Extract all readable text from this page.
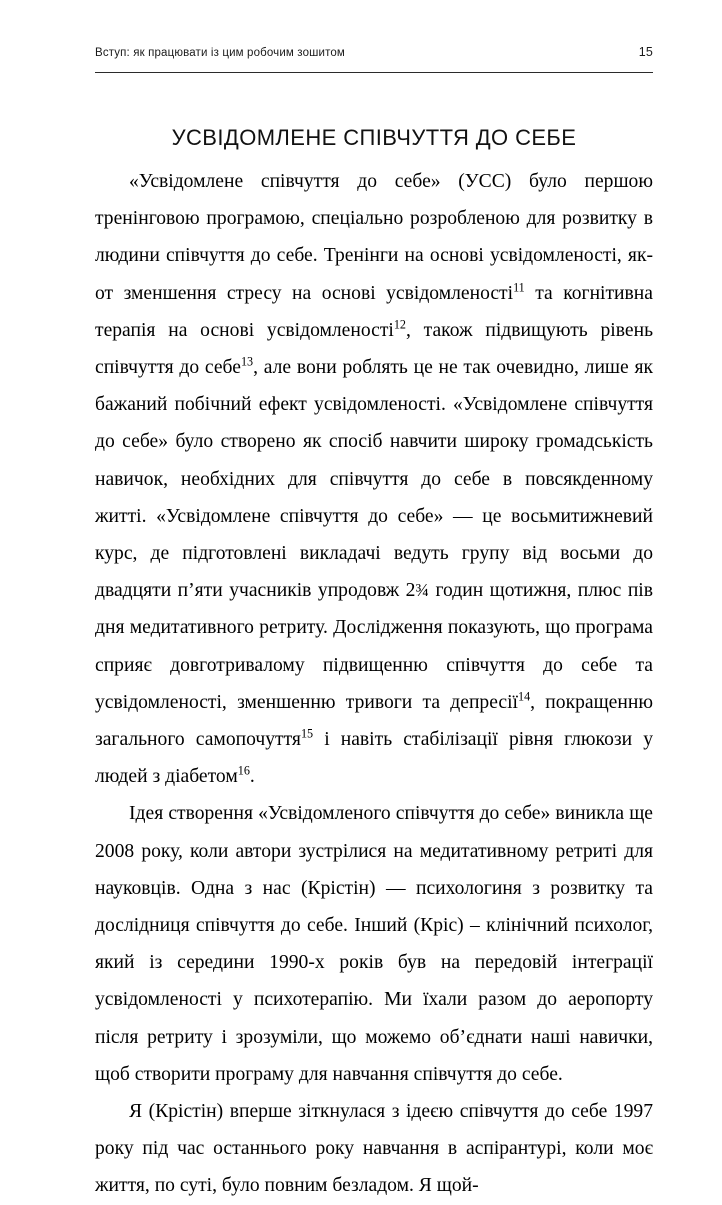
Вступ: як працювати із цим робочим зошитом	15
УСВІДОМЛЕНЕ СПІВЧУТТЯ ДО СЕБЕ

«Усвідомлене співчуття до себе» (УСС) було першою тренінговою програмою, спеціально розробленою для розвитку в людини співчуття до себе. Тренінги на основі усвідомленості, як-от зменшення стресу на основі усвідомленості$^{11}$ та когнітивна терапія на основі усвідомленості$^{12}$, також підвищують рівень співчуття до себе$^{13}$, але вони роблять це не так очевидно, лише як бажаний побічний ефект усвідомленості. «Усвідомлене співчуття до себе» було створено як спосіб навчити широку громадськість навичок, необхідних для співчуття до себе в повсякденному житті. «Усвідомлене співчуття до себе» — це восьмитижневий курс, де підготовлені викладачі ведуть групу від восьми до двадцяти п’яти учасників упродовж 2¾ годин щотижня, плюс пів дня медитативного ретриту. Дослідження показують, що програма сприяє довготривалому підвищенню співчуття до себе та усвідомленості, зменшенню тривоги та депресії$^{14}$, покращенню загального самопочуття$^{15}$ і навіть стабілізації рівня глюкози у людей з діабетом$^{16}$.

Ідея створення «Усвідомленого співчуття до себе» виникла ще 2008 року, коли автори зустрілися на медитативному ретриті для науковців. Одна з нас (Крістін) — психологиня з розвитку та дослідниця співчуття до себе. Інший (Кріс) – клінічний психолог, який із середини 1990-х років був на передовій інтеграції усвідомленості у психотерапію. Ми їхали разом до аеропорту після ретриту і зрозуміли, що можемо об’єднати наші навички, щоб створити програму для навчання співчуття до себе.

Я (Крістін) вперше зіткнулася з ідеєю співчуття до себе 1997 року під час останнього року навчання в аспірантурі, коли моє життя, по суті, було повним безладом. Я щой-
